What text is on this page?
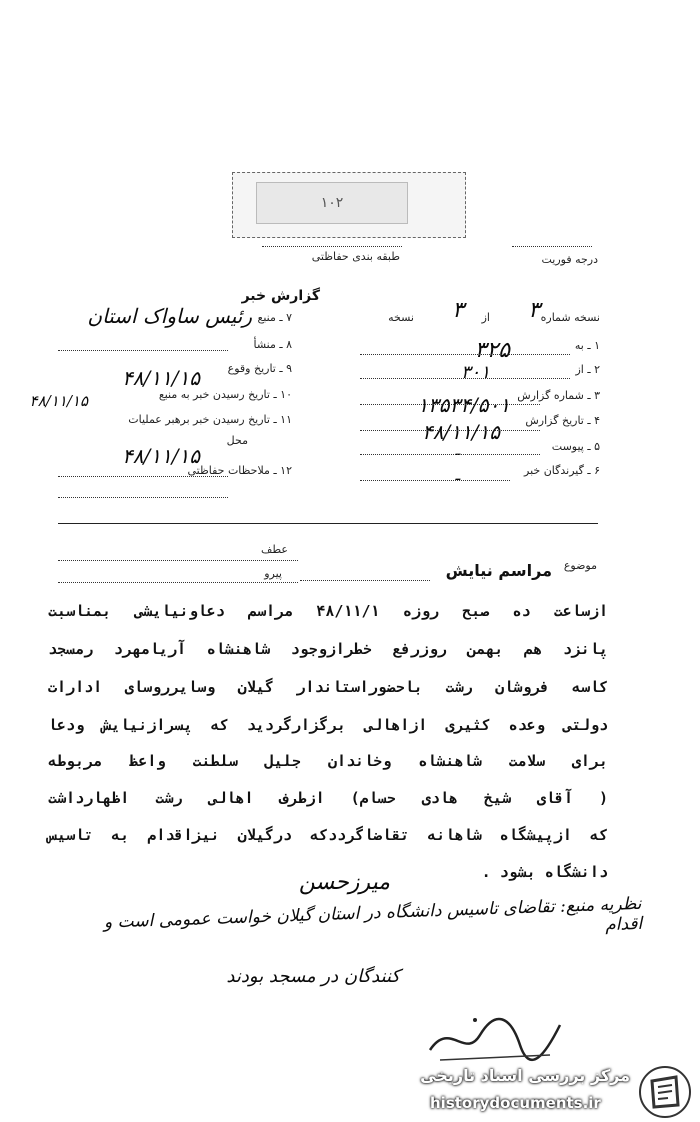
۱۰۲
درجه فوریت
طبقه بندی حفاظتی
گزارش خبر
نسخه شماره
از
نسخه	۳
۳
۱ ـ به
۳۲۵
۲ ـ از
۳۰۱
۳ ـ شماره گزارش
۱۳۵۳۴/۵۰۱
۴ ـ تاریخ گزارش
۴۸/۱۱/۱۵
۵ ـ پیوست
ـ
۶ ـ گیرندگان خبر
ـ
۷ ـ منبع
رئیس ساواک استان
۸ ـ منشأ
۹ ـ تاریخ وقوع
۴۸/۱۱/۱۵
۱۰ ـ تاریخ رسیدن خبر به منبع
۴۸/۱۱/۱۵
۱۱ ـ تاریخ رسیدن خبر برهبر عملیات
محل
۴۸/۱۱/۱۵
۱۲ ـ ملاحظات حفاظتی
عطف
پیرو
موضوع
مراسم نیایش
ازساعت ده صبح روزه ۴۸/۱۱/۱ مراسم دعاونیایشی بمناسبت
پانزد هم بهمن روزرفع خطرازوجود شاهنشاه آریامهرد رمسجد
کاسه فروشان رشت باحضوراستاندار گیلان وسایرروسای ادارات
دولتی وعده کثیری ازاهالی برگزارگردید که پسرازنیایش ودعا
برای سلامت شاهنشاه وخاندان جلیل سلطنت واعظ مربوطه
( آقای شیخ هادی حسام) ازطرف اهالی رشت اظهارداشت
که ازپیشگاه شاهانه تقاضاگرددکه درگیلان نیزاقدام به تاسیس
دانشگاه بشود .
میرزحسن
نظریه منبع: تقاضای تاسیس دانشگاه در استان گیلان خواست عمومی است و اقدام
کنندگان در مسجد بودند
مرکز بررسی اسناد تاریخی
historydocuments.ir
